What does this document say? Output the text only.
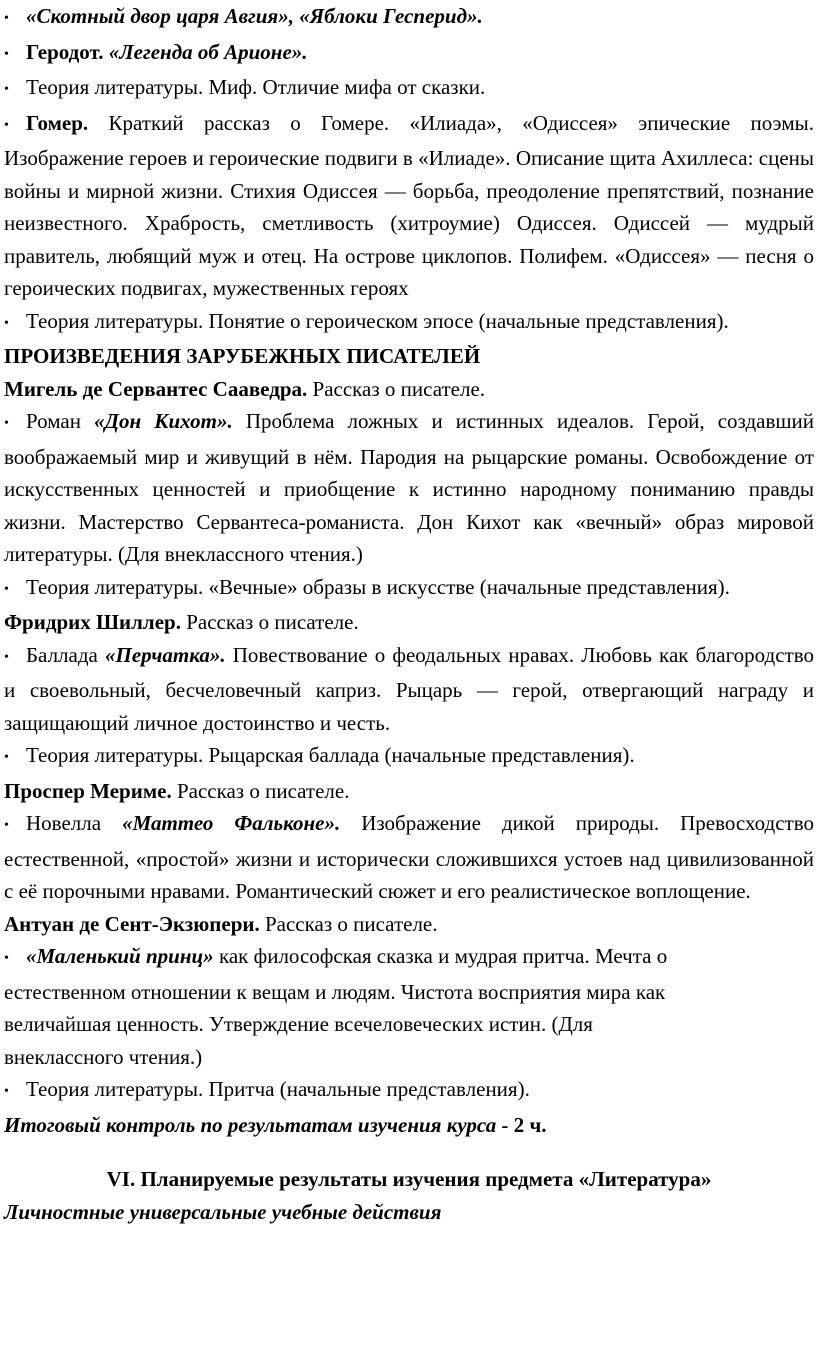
• «Скотный двор царя Авгия», «Яблоки Гесперид».

• Геродот. «Легенда об Арионе».

• Теория литературы. Миф. Отличие мифа от сказки.

• Гомер. Краткий рассказ о Гомере. «Илиада», «Одиссея» эпические поэмы. Изображение героев и героические подвиги в «Илиаде». Описание щита Ахиллеса: сцены войны и мирной жизни. Стихия Одиссея — борьба, преодоление препятствий, познание неизвестного. Храбрость, сметливость (хитроумие) Одиссея. Одиссей — мудрый правитель, любящий муж и отец. На острове циклопов. Полифем. «Одиссея» — песня о героических подвигах, мужественных героях

• Теория литературы. Понятие о героическом эпосе (начальные представления).

ПРОИЗВЕДЕНИЯ ЗАРУБЕЖНЫХ ПИСАТЕЛЕЙ

Мигель де Сервантес Сааведра. Рассказ о писателе.

• Роман «Дон Кихот». Проблема ложных и истинных идеалов. Герой, создавший воображаемый мир и живущий в нём. Пародия на рыцарские романы. Освобождение от искусственных ценностей и приобщение к истинно народному пониманию правды жизни. Мастерство Сервантеса-романиста. Дон Кихот как «вечный» образ мировой литературы. (Для внеклассного чтения.)

• Теория литературы. «Вечные» образы в искусстве (начальные представления).

Фридрих Шиллер. Рассказ о писателе.

• Баллада «Перчатка». Повествование о феодальных нравах. Любовь как благородство и своевольный, бесчеловечный каприз. Рыцарь — герой, отвергающий награду и защищающий личное достоинство и честь.

• Теория литературы. Рыцарская баллада (начальные представления).

Проспер Мериме. Рассказ о писателе.

• Новелла «Маттео Фальконе». Изображение дикой природы. Превосходство естественной, «простой» жизни и исторически сложившихся устоев над цивилизованной с её порочными нравами. Романтический сюжет и его реалистическое воплощение.

Антуан де Сент-Экзюпери. Рассказ о писателе.

• «Маленький принц» как философская сказка и мудрая притча. Мечта о

естественном отношении к вещам и людям. Чистота восприятия мира как

величайшая ценность. Утверждение всечеловеческих истин. (Для

внеклассного чтения.)

• Теория литературы. Притча (начальные представления).

Итоговый контроль по результатам изучения курса - 2 ч.

VI. Планируемые результаты изучения предмета «Литература»

Личностные универсальные учебные действия
